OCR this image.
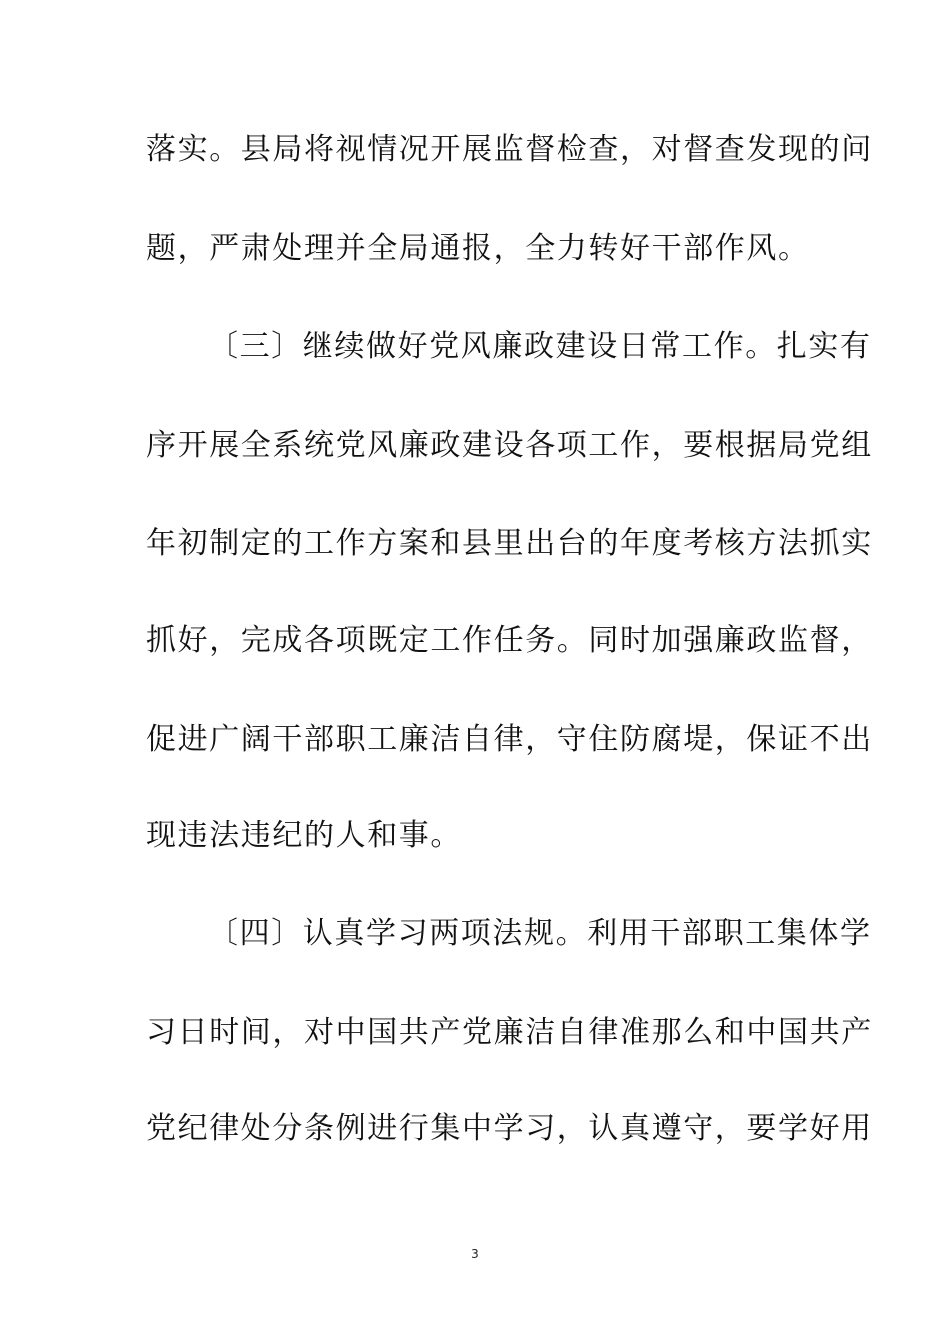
落实。县局将视情况开展监督检查，对督查发现的问
题，严肃处理并全局通报，全力转好干部作风。
〔三〕继续做好党风廉政建设日常工作。扎实有
序开展全系统党风廉政建设各项工作，要根据局党组
年初制定的工作方案和县里出台的年度考核方法抓实
抓好，完成各项既定工作任务。同时加强廉政监督，
促进广阔干部职工廉洁自律，守住防腐堤，保证不出
现违法违纪的人和事。
〔四〕认真学习两项法规。利用干部职工集体学
习日时间，对中国共产党廉洁自律准那么和中国共产
党纪律处分条例进行集中学习，认真遵守，要学好用
3
